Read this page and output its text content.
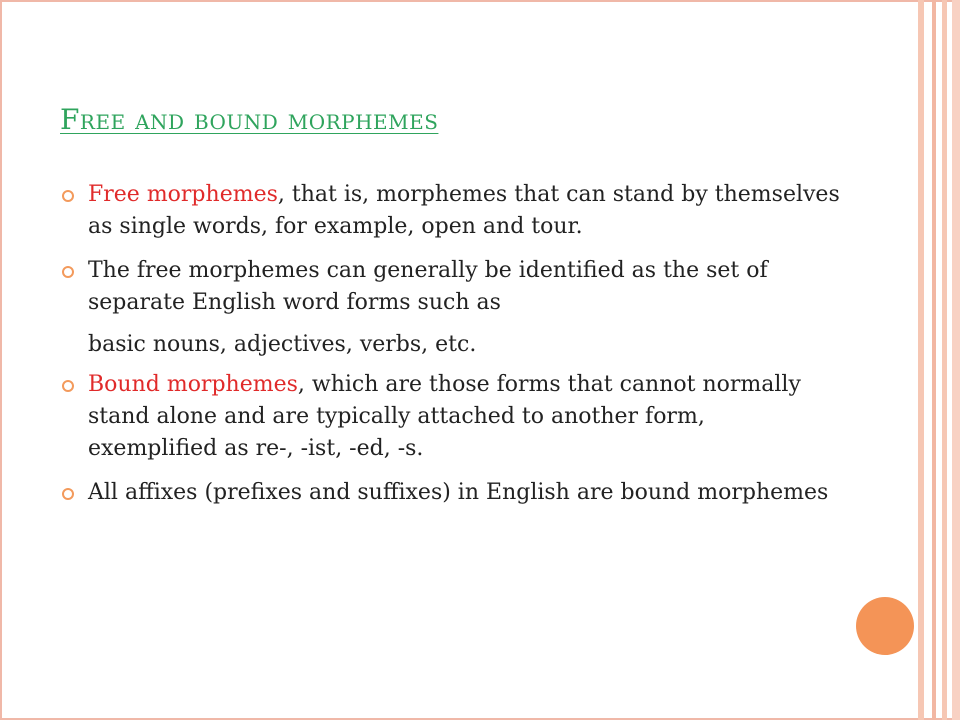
Free and bound morphemes
Free morphemes, that is, morphemes that can stand by themselves as single words, for example, open and tour.
The free morphemes can generally be identified as the set of separate English word forms such as
basic nouns, adjectives, verbs, etc.
Bound morphemes, which are those forms that cannot normally stand alone and are typically attached to another form, exemplified as re-, -ist, -ed, -s.
All affixes (prefixes and suffixes) in English are bound morphemes
